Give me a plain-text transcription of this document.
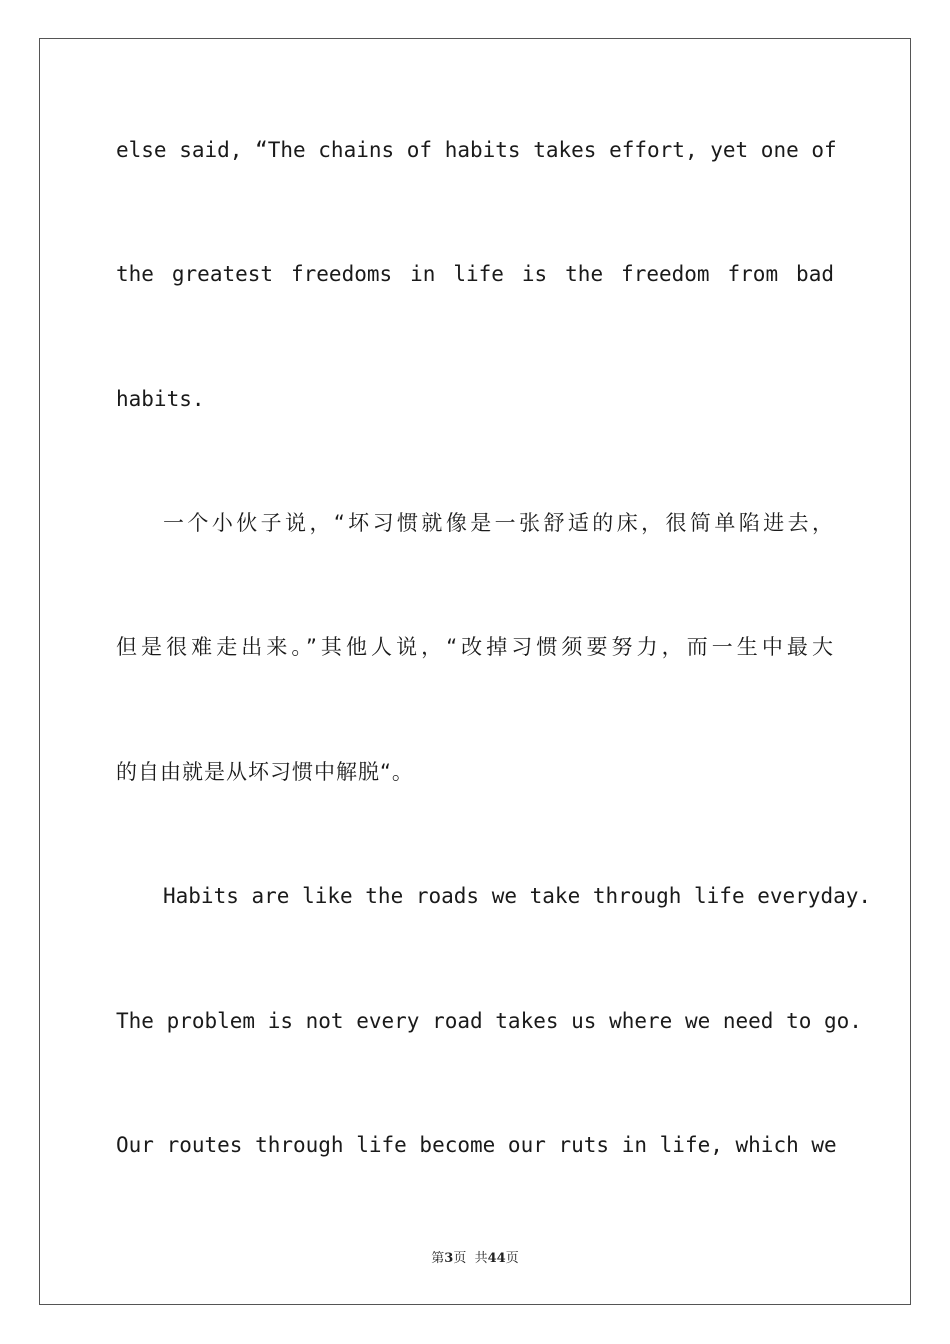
else said, “The chains of habits takes effort, yet one of
the greatest freedoms in life is the freedom from bad
habits.
一个小伙子说，“坏习惯就像是一张舒适的床，很简单陷进去，
但是很难走出来。”其他人说，“改掉习惯须要努力，而一生中最大
的自由就是从坏习惯中解脱“。
Habits are like the roads we take through life everyday.
The problem is not every road takes us where we need to go.
Our routes through life become our ruts in life, which we
第3页  共44页
